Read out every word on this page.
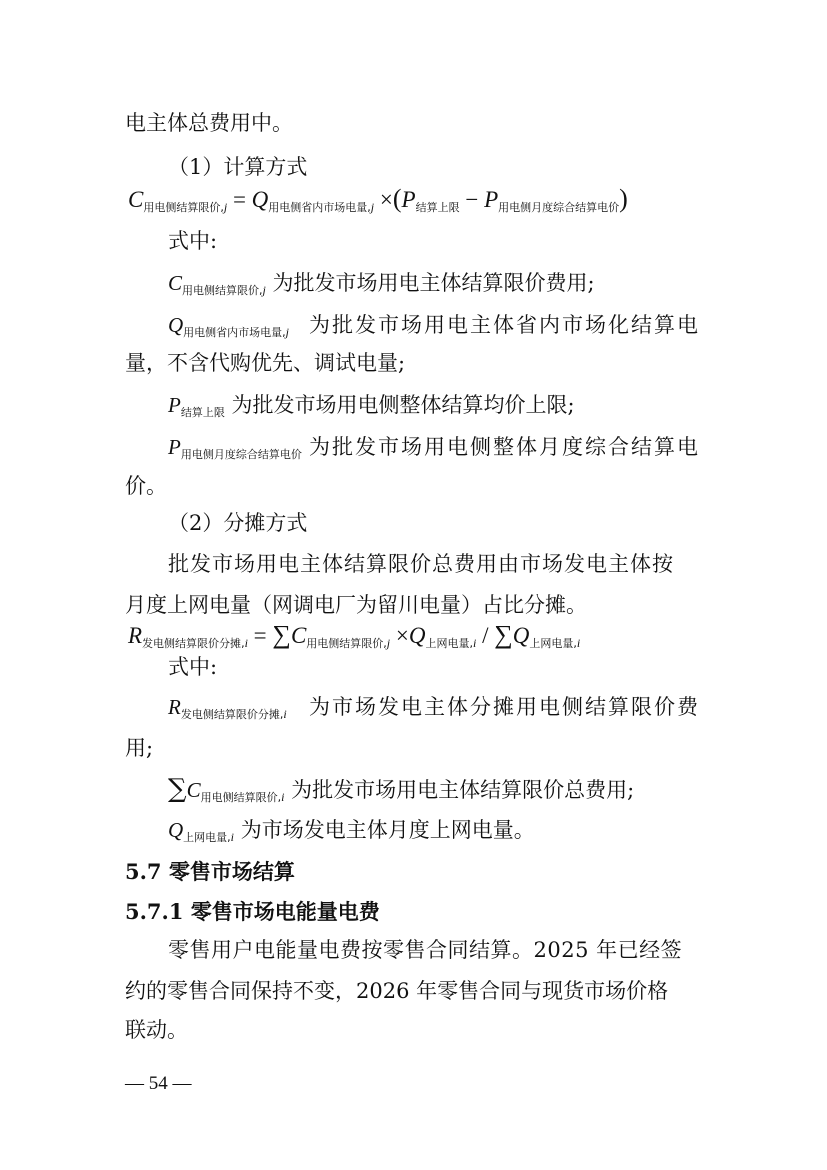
电主体总费用中。
（1）计算方式
$C_{用电侧结算限价,}j = Q_{用电侧省内市场电量,}j \times(P_{结算上限} - P_{用电侧月度综合结算电价})$
式中:
$C_{用电侧结算限价,}j$ 为批发市场用电主体结算限价费用;
$Q_{用电侧省内市场电量,}j$ 为批发市场用电主体省内市场化结算电
量，不含代购优先、调试电量;
$P_{结算上限}$ 为批发市场用电侧整体结算均价上限;
$P_{用电侧月度综合结算电价}$ 为批发市场用电侧整体月度综合结算电
价。
（2）分摊方式
批发市场用电主体结算限价总费用由市场发电主体按
月度上网电量（网调电厂为留川电量）占比分摊。
$R_{发电侧结算限价分摊,}i = \sum C_{用电侧结算限价,}j \times Q_{上网电量,}i / \sum Q_{上网电量,}i$
式中:
$R_{发电侧结算限价分摊,}i$ 为市场发电主体分摊用电侧结算限价费
用;
$\sum C_{用电侧结算限价,}i$ 为批发市场用电主体结算限价总费用;
$Q_{上网电量,}i$ 为市场发电主体月度上网电量。
5.7 零售市场结算
5.7.1 零售市场电能量电费
零售用户电能量电费按零售合同结算。2025 年已经签
约的零售合同保持不变，2026 年零售合同与现货市场价格
联动。
— 54 —
